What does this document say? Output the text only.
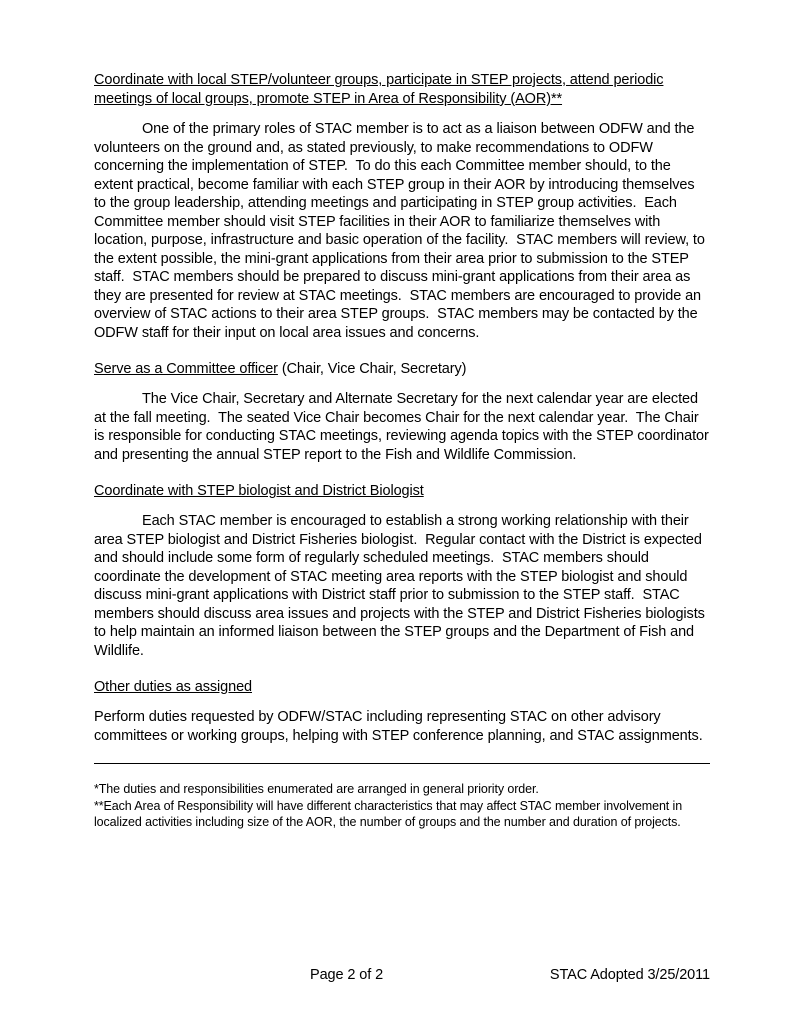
Coordinate with local STEP/volunteer groups, participate in STEP projects, attend periodic meetings of local groups, promote STEP in Area of Responsibility (AOR)**

One of the primary roles of STAC member is to act as a liaison between ODFW and the volunteers on the ground and, as stated previously, to make recommendations to ODFW concerning the implementation of STEP.  To do this each Committee member should, to the extent practical, become familiar with each STEP group in their AOR by introducing themselves to the group leadership, attending meetings and participating in STEP group activities.  Each Committee member should visit STEP facilities in their AOR to familiarize themselves with location, purpose, infrastructure and basic operation of the facility.  STAC members will review, to the extent possible, the mini-grant applications from their area prior to submission to the STEP staff.  STAC members should be prepared to discuss mini-grant applications from their area as they are presented for review at STAC meetings.  STAC members are encouraged to provide an overview of STAC actions to their area STEP groups.  STAC members may be contacted by the ODFW staff for their input on local area issues and concerns.

Serve as a Committee officer (Chair, Vice Chair, Secretary)

The Vice Chair, Secretary and Alternate Secretary for the next calendar year are elected at the fall meeting.  The seated Vice Chair becomes Chair for the next calendar year.  The Chair is responsible for conducting STAC meetings, reviewing agenda topics with the STEP coordinator and presenting the annual STEP report to the Fish and Wildlife Commission.

Coordinate with STEP biologist and District Biologist

Each STAC member is encouraged to establish a strong working relationship with their area STEP biologist and District Fisheries biologist.  Regular contact with the District is expected and should include some form of regularly scheduled meetings.  STAC members should coordinate the development of STAC meeting area reports with the STEP biologist and should discuss mini-grant applications with District staff prior to submission to the STEP staff.  STAC members should discuss area issues and projects with the STEP and District Fisheries biologists to help maintain an informed liaison between the STEP groups and the Department of Fish and Wildlife.

Other duties as assigned

Perform duties requested by ODFW/STAC including representing STAC on other advisory committees or working groups, helping with STEP conference planning, and STAC assignments.

*The duties and responsibilities enumerated are arranged in general priority order.
**Each Area of Responsibility will have different characteristics that may affect STAC member involvement in localized activities including size of the AOR, the number of groups and the number and duration of projects.
Page 2 of 2	STAC Adopted 3/25/2011
